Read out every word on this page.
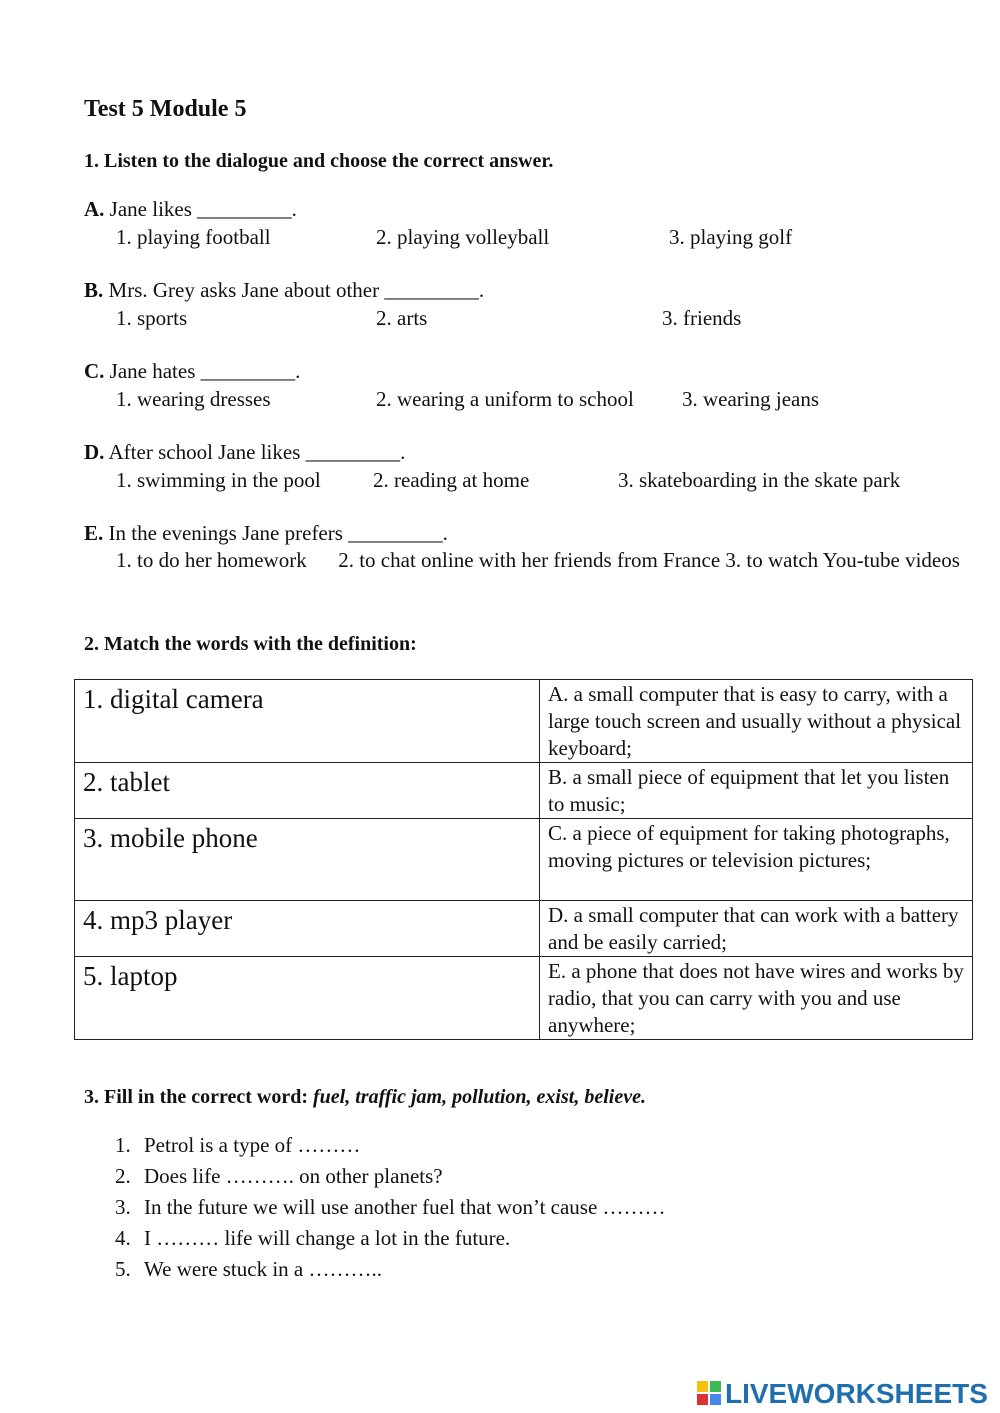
Test 5 Module 5

1. Listen to the dialogue and choose the correct answer.

A. Jane likes _________.
1. playing football	2. playing volleyball	3. playing golf
B. Mrs. Grey asks Jane about other _________.
1. sports	2. arts	3. friends
C. Jane hates _________.
1. wearing dresses	2. wearing a uniform to school 3. wearing jeans
D. After school Jane likes _________.
1. swimming in the pool 2. reading at home	3. skateboarding in the skate park
E. In the evenings Jane prefers _________.
1. to do her homework      2. to chat online with her friends from France 3. to watch You-tube videos

2. Match the words with the definition:

1. digital camera	A. a small computer that is easy to carry, with a large touch screen and usually without a physical keyboard;
2. tablet	B. a small piece of equipment that let you listen to music;
3. mobile phone	C. a piece of equipment for taking photographs, moving pictures or television pictures;
4. mp3 player	D. a small computer that can work with a battery and be easily carried;
5. laptop	E. a phone that does not have wires and works by radio, that you can carry with you and use anywhere;

3. Fill in the correct word: fuel, traffic jam, pollution, exist, believe.

1. Petrol is a type of ………
2. Does life ………. on other planets?
3. In the future we will use another fuel that won’t cause ………
4. I ……… life will change a lot in the future.
5. We were stuck in a ………..
LIVEWORKSHEETS
